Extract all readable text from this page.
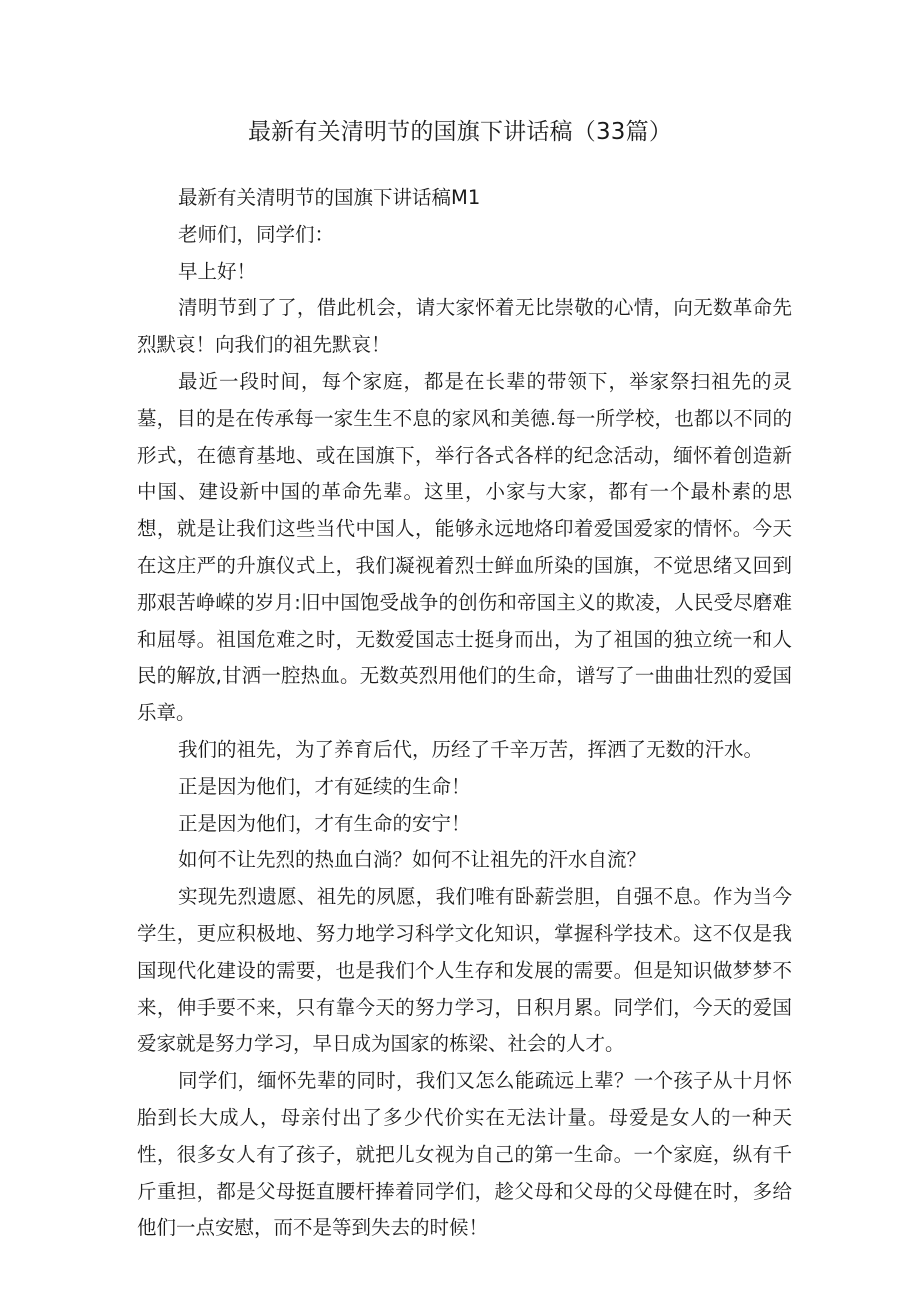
最新有关清明节的国旗下讲话稿（33篇）

最新有关清明节的国旗下讲话稿M1

老师们，同学们：

早上好！

清明节到了了，借此机会，请大家怀着无比崇敬的心情，向无数革命先烈默哀！向我们的祖先默哀！

最近一段时间，每个家庭，都是在长辈的带领下，举家祭扫祖先的灵墓，目的是在传承每一家生生不息的家风和美德.每一所学校，也都以不同的形式，在德育基地、或在国旗下，举行各式各样的纪念活动，缅怀着创造新中国、建设新中国的革命先辈。这里，小家与大家，都有一个最朴素的思想，就是让我们这些当代中国人，能够永远地烙印着爱国爱家的情怀。今天在这庄严的升旗仪式上，我们凝视着烈士鲜血所染的国旗，不觉思绪又回到那艰苦峥嵘的岁月:旧中国饱受战争的创伤和帝国主义的欺凌，人民受尽磨难和屈辱。祖国危难之时，无数爱国志士挺身而出，为了祖国的独立统一和人民的解放,甘洒一腔热血。无数英烈用他们的生命，谱写了一曲曲壮烈的爱国乐章。

我们的祖先，为了养育后代，历经了千辛万苦，挥洒了无数的汗水。

正是因为他们，才有延续的生命！

正是因为他们，才有生命的安宁！

如何不让先烈的热血白淌？如何不让祖先的汗水自流？

实现先烈遗愿、祖先的夙愿，我们唯有卧薪尝胆，自强不息。作为当今学生，更应积极地、努力地学习科学文化知识，掌握科学技术。这不仅是我国现代化建设的需要，也是我们个人生存和发展的需要。但是知识做梦梦不来，伸手要不来，只有靠今天的努力学习，日积月累。同学们，今天的爱国爱家就是努力学习，早日成为国家的栋梁、社会的人才。

同学们，缅怀先辈的同时，我们又怎么能疏远上辈？一个孩子从十月怀胎到长大成人，母亲付出了多少代价实在无法计量。母爱是女人的一种天性，很多女人有了孩子，就把儿女视为自己的第一生命。一个家庭，纵有千斤重担，都是父母挺直腰杆捧着同学们，趁父母和父母的父母健在时，多给他们一点安慰，而不是等到失去的时候！
